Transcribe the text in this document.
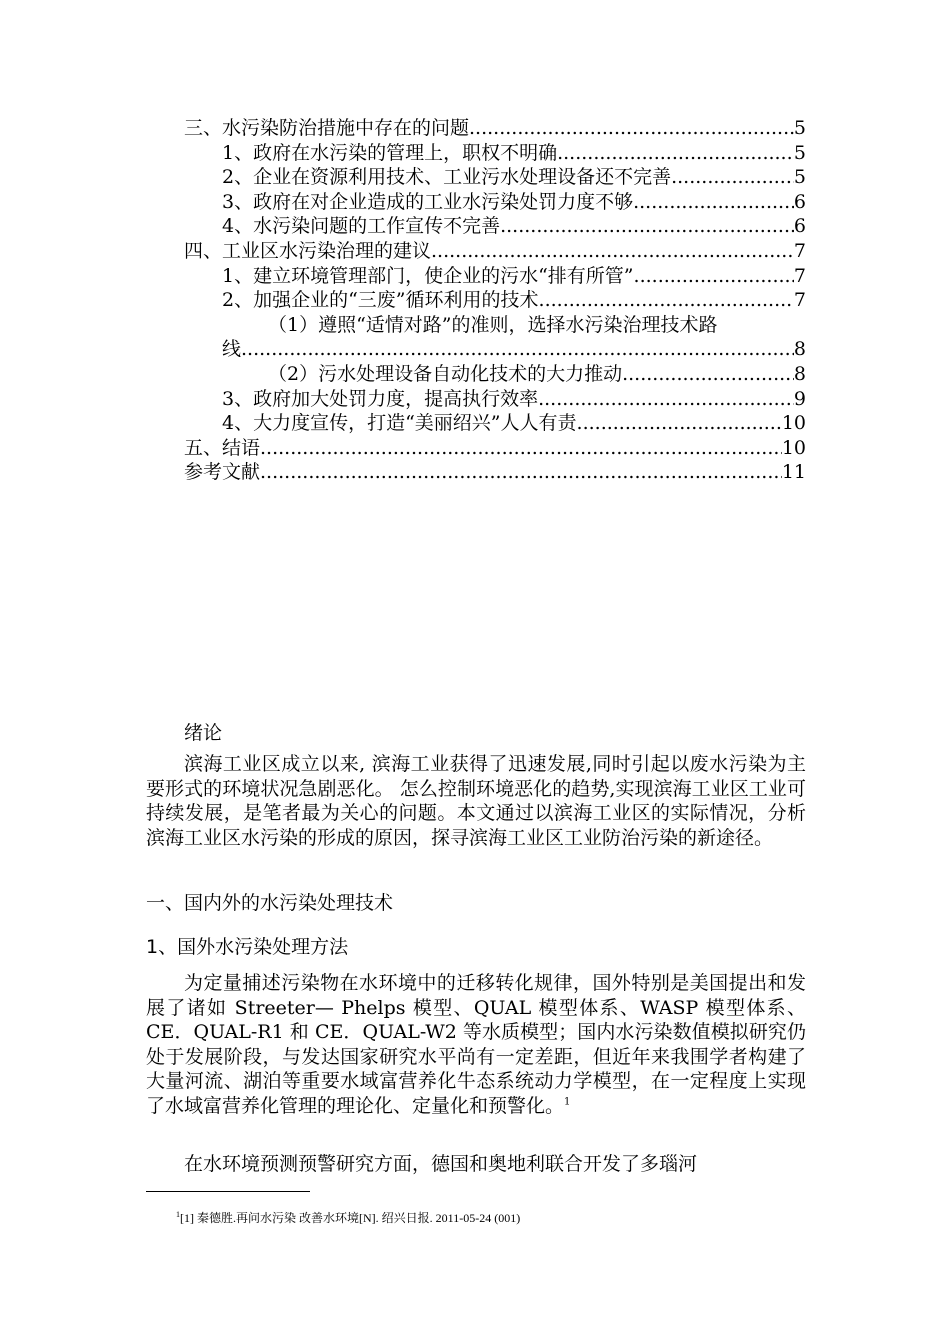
三、水污染防治措施中存在的问题 .....	5
1、政府在水污染的管理上，职权不明确 .....	5
2、企业在资源利用技术、工业污水处理设备还不完善 .....	5
3、政府在对企业造成的工业水污染处罚力度不够 .....	6
4、水污染问题的工作宣传不完善 .....	6
四、工业区水污染治理的建议 .....	7
1、建立环境管理部门，使企业的污水“排有所管” .....	7
2、加强企业的“三废”循环利用的技术 .....	7
（1）遵照“适情对路”的准则，选择水污染治理技术路
线 .....	8
（2）污水处理设备自动化技术的大力推动 .....	8
3、政府加大处罚力度，提高执行效率 .....	9
4、大力度宣传，打造“美丽绍兴”人人有责 .....	10
五、结语 .....	10
参考文献 .....	11
绪论
滨海工业区成立以来, 滨海工业获得了迅速发展,同时引起以废水污染为主要形式的环境状况急剧恶化。 怎么控制环境恶化的趋势,实现滨海工业区工业可持续发展，是笔者最为关心的问题。本文通过以滨海工业区的实际情况，分析滨海工业区水污染的形成的原因，探寻滨海工业区工业防治污染的新途径。
一、国内外的水污染处理技术
1、国外水污染处理方法
为定量捕述污染物在水环境中的迁移转化规律，国外特别是美国提出和发展了诸如 Streeter— Phelps 模型、QUAL 模型体系、WASP 模型体系、CE．QUAL-R1 和 CE．QUAL-W2 等水质模型；国内水污染数值模拟研究仍处于发展阶段，与发达国家研究水平尚有一定差距，但近年来我围学者构建了大量河流、湖泊等重要水域富营养化牛态系统动力学模型，在一定程度上实现了水域富营养化管理的理论化、定量化和预警化。$^1$
在水环境预测预警研究方面，德国和奥地利联合开发了多瑙河
$^1$[1] 秦德胜.再问水污染 改善水环境[N]. 绍兴日报. 2011-05-24 (001)
